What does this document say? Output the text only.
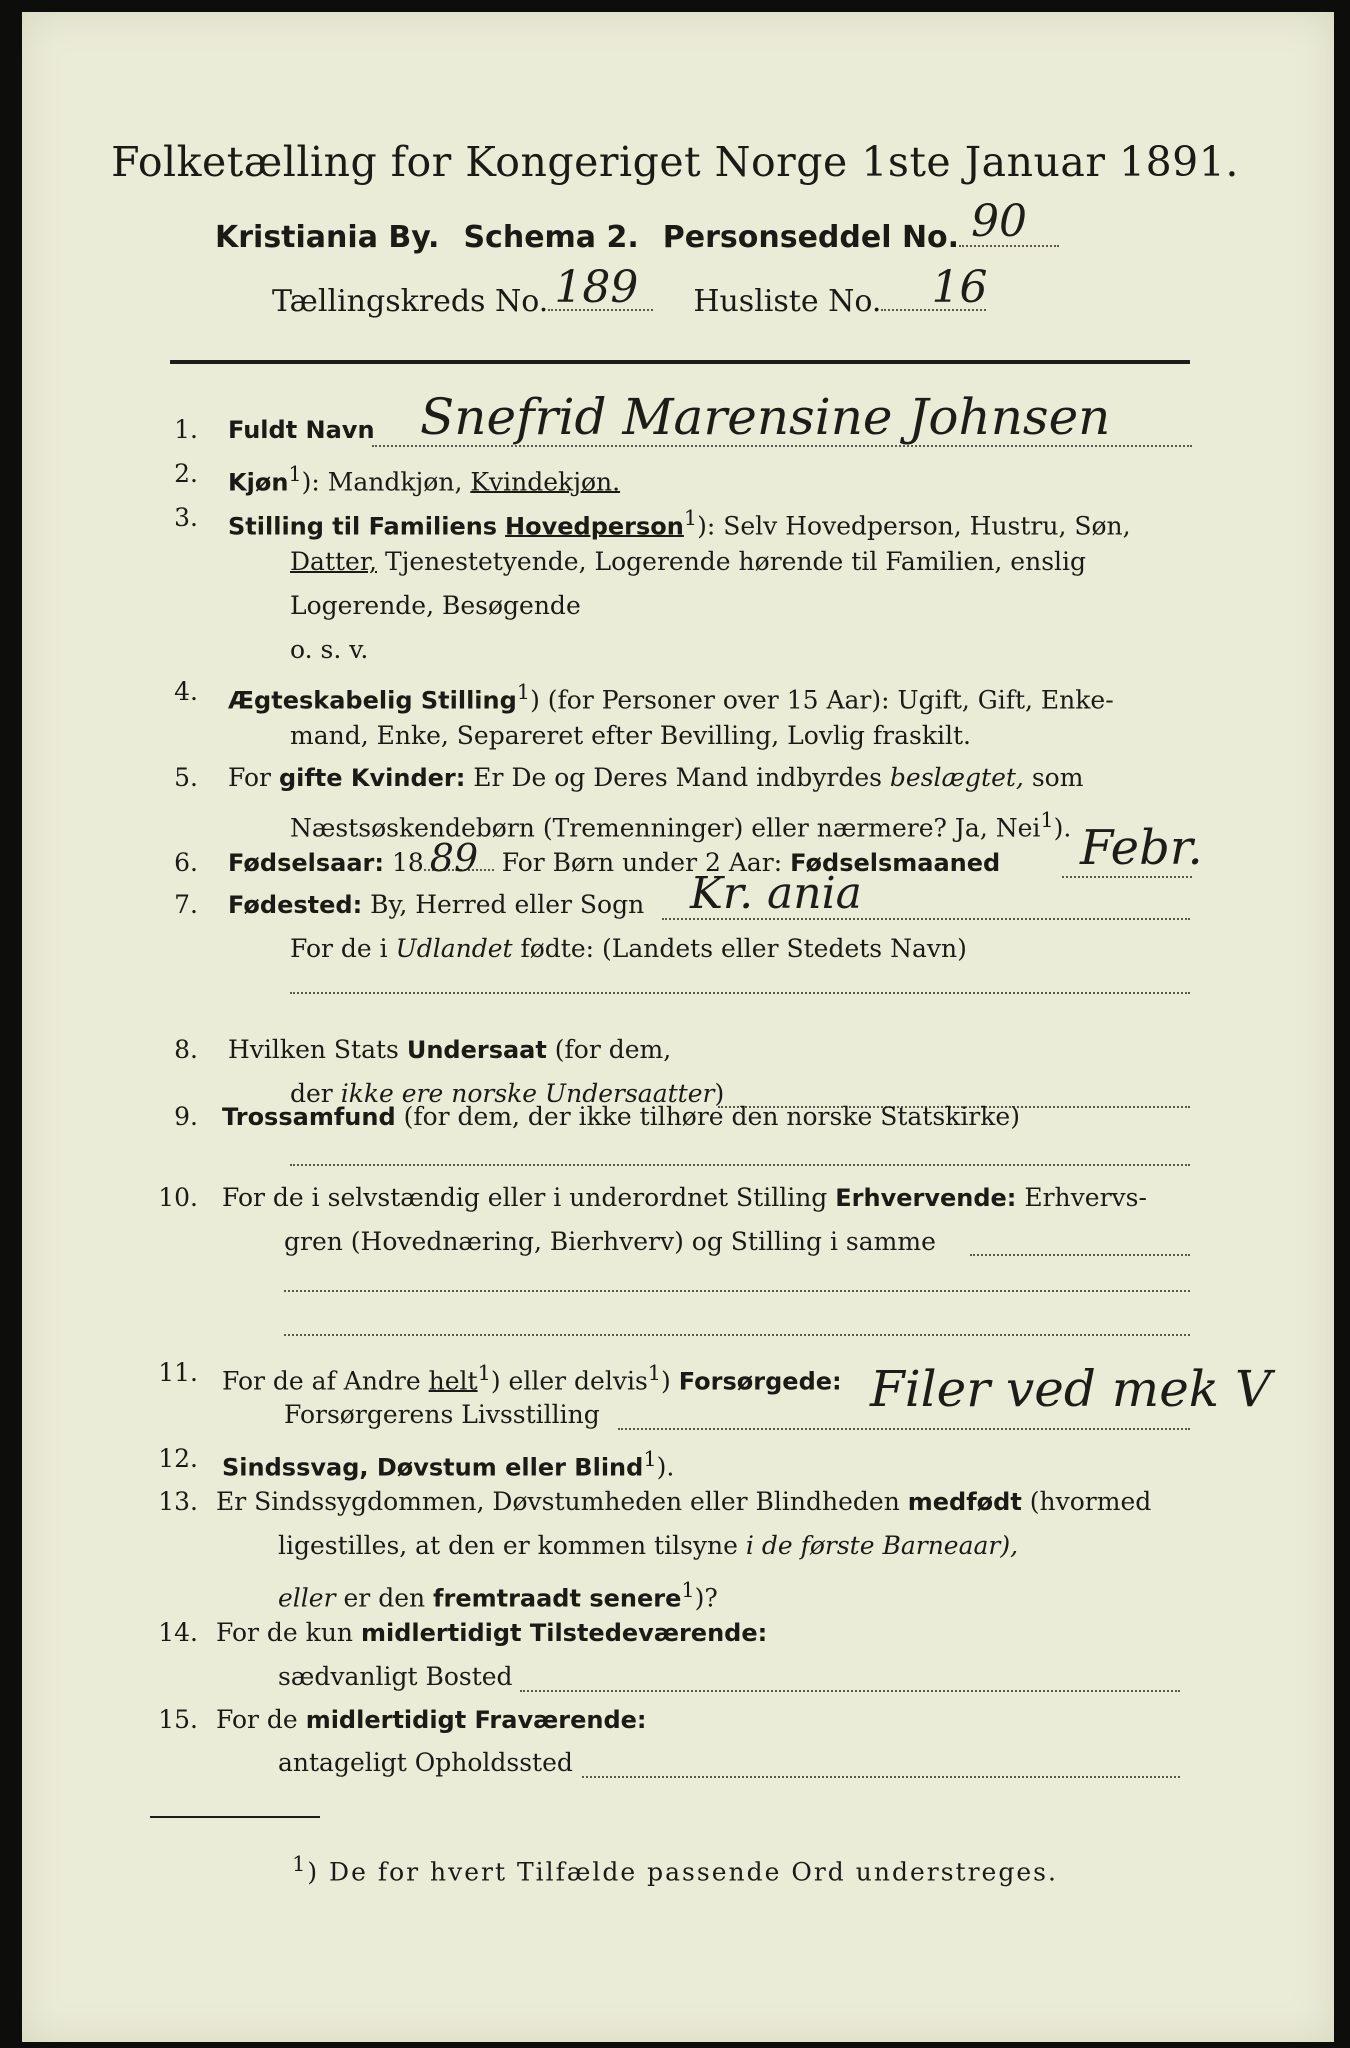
Folketælling for Kongeriget Norge 1ste Januar 1891.
Kristiania By. Schema 2. Personseddel No. 90
Tællingskreds No. 189 Husliste No. 16
1. Fuldt Navn Snefrid Marensine Johnsen
2. Kjøn$^1$): Mandkjøn, Kvindekjøn.
3. Stilling til Familiens Hovedperson$^1$): Selv Hovedperson, Hustru, Søn,
Datter, Tjenestetyende, Logerende hørende til Familien, enslig
Logerende, Besøgende
o. s. v.
4. Ægteskabelig Stilling$^1$) (for Personer over 15 Aar): Ugift, Gift, Enke-
mand, Enke, Separeret efter Bevilling, Lovlig fraskilt.
5. For gifte Kvinder: Er De og Deres Mand indbyrdes beslægtet, som
Næstsøskendebørn (Tremenninger) eller nærmere? Ja, Nei$^1$).
6. Fødselsaar: 18 89 For Børn under 2 Aar: Fødselsmaaned Febr.
7. Fødested: By, Herred eller Sogn Kr. ania
For de i Udlandet fødte: (Landets eller Stedets Navn)
8. Hvilken Stats Undersaat (for dem,
der ikke ere norske Undersaatter)
9. Trossamfund (for dem, der ikke tilhøre den norske Statskirke)
10. For de i selvstændig eller i underordnet Stilling Erhvervende: Erhvervs-
gren (Hovednæring, Bierhverv) og Stilling i samme
11. For de af Andre helt$^1$) eller delvis$^1$) Forsørgede:
Forsørgerens Livsstilling	Filer ved mek V
12. Sindssvag, Døvstum eller Blind$^1$).
13. Er Sindssygdommen, Døvstumheden eller Blindheden medfødt (hvormed
ligestilles, at den er kommen tilsyne i de første Barneaar),
eller er den fremtraadt senere$^1$)?
14. For de kun midlertidigt Tilstedeværende:
sædvanligt Bosted
15. For de midlertidigt Fraværende:
antageligt Opholdssted
$^1$) De for hvert Tilfælde passende Ord understreges.
